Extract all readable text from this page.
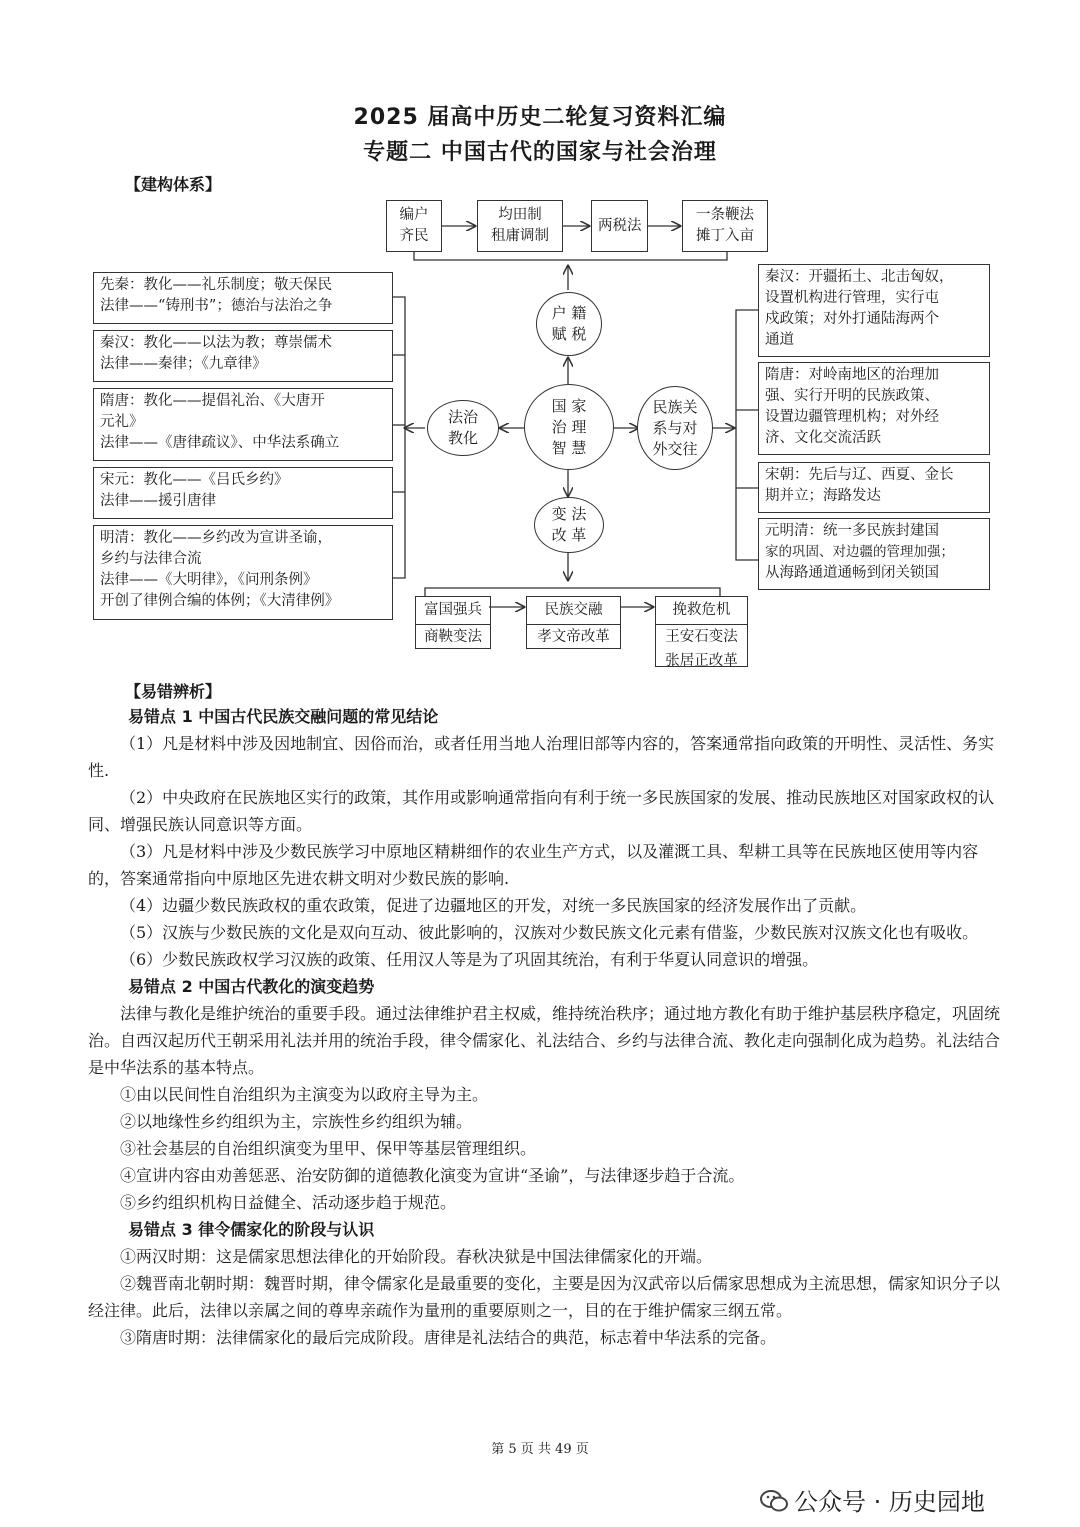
2025 届高中历史二轮复习资料汇编
专题二 中国古代的国家与社会治理
【建构体系】
编户
齐民
均田制
租庸调制
两税法
一条鞭法
摊丁入亩
户 籍
赋 税
国 家
治 理
智 慧
法治
教化
民族关
系与对
外交往
变 法
改 革
先秦：教化——礼乐制度；敬天保民
法律——“铸刑书”；德治与法治之争
秦汉：教化——以法为教；尊崇儒术
法律——秦律；《九章律》
隋唐：教化——提倡礼治、《大唐开
元礼》
法律——《唐律疏议》、中华法系确立
宋元：教化——《吕氏乡约》
法律——援引唐律
明清：教化——乡约改为宣讲圣谕，
乡约与法律合流
法律——《大明律》，《问刑条例》
开创了律例合编的体例；《大清律例》
秦汉：开疆拓土、北击匈奴，
设置机构进行管理，实行屯
戍政策；对外打通陆海两个
通道
隋唐：对岭南地区的治理加
强、实行开明的民族政策、
设置边疆管理机构；对外经
济、文化交流活跃
宋朝：先后与辽、西夏、金长
期并立；海路发达
元明清：统一多民族封建国
家的巩固、对边疆的管理加强；
从海路通道通畅到闭关锁国
富国强兵
商鞅变法
民族交融
孝文帝改革
挽救危机
王安石变法
张居正改革
【易错辨析】

易错点 1 中国古代民族交融问题的常见结论

（1）凡是材料中涉及因地制宜、因俗而治，或者任用当地人治理旧部等内容的，答案通常指向政策的开明性、灵活性、务实性.

（2）中央政府在民族地区实行的政策，其作用或影响通常指向有利于统一多民族国家的发展、推动民族地区对国家政权的认同、增强民族认同意识等方面。

（3）凡是材料中涉及少数民族学习中原地区精耕细作的农业生产方式，以及灌溉工具、犁耕工具等在民族地区使用等内容的，答案通常指向中原地区先进农耕文明对少数民族的影响.

（4）边疆少数民族政权的重农政策，促进了边疆地区的开发，对统一多民族国家的经济发展作出了贡献。

（5）汉族与少数民族的文化是双向互动、彼此影响的，汉族对少数民族文化元素有借鉴，少数民族对汉族文化也有吸收。

（6）少数民族政权学习汉族的政策、任用汉人等是为了巩固其统治，有利于华夏认同意识的增强。

易错点 2 中国古代教化的演变趋势

法律与教化是维护统治的重要手段。通过法律维护君主权威，维持统治秩序；通过地方教化有助于维护基层秩序稳定，巩固统治。自西汉起历代王朝采用礼法并用的统治手段，律令儒家化、礼法结合、乡约与法律合流、教化走向强制化成为趋势。礼法结合是中华法系的基本特点。

①由以民间性自治组织为主演变为以政府主导为主。

②以地缘性乡约组织为主，宗族性乡约组织为辅。

③社会基层的自治组织演变为里甲、保甲等基层管理组织。

④宣讲内容由劝善惩恶、治安防御的道德教化演变为宣讲“圣谕”，与法律逐步趋于合流。

⑤乡约组织机构日益健全、活动逐步趋于规范。

易错点 3 律令儒家化的阶段与认识

①两汉时期：这是儒家思想法律化的开始阶段。春秋决狱是中国法律儒家化的开端。

②魏晋南北朝时期：魏晋时期，律令儒家化是最重要的变化，主要是因为汉武帝以后儒家思想成为主流思想，儒家知识分子以经注律。此后，法律以亲属之间的尊卑亲疏作为量刑的重要原则之一，目的在于维护儒家三纲五常。

③隋唐时期：法律儒家化的最后完成阶段。唐律是礼法结合的典范，标志着中华法系的完备。

第 5 页 共 49 页
公众号 · 历史园地
